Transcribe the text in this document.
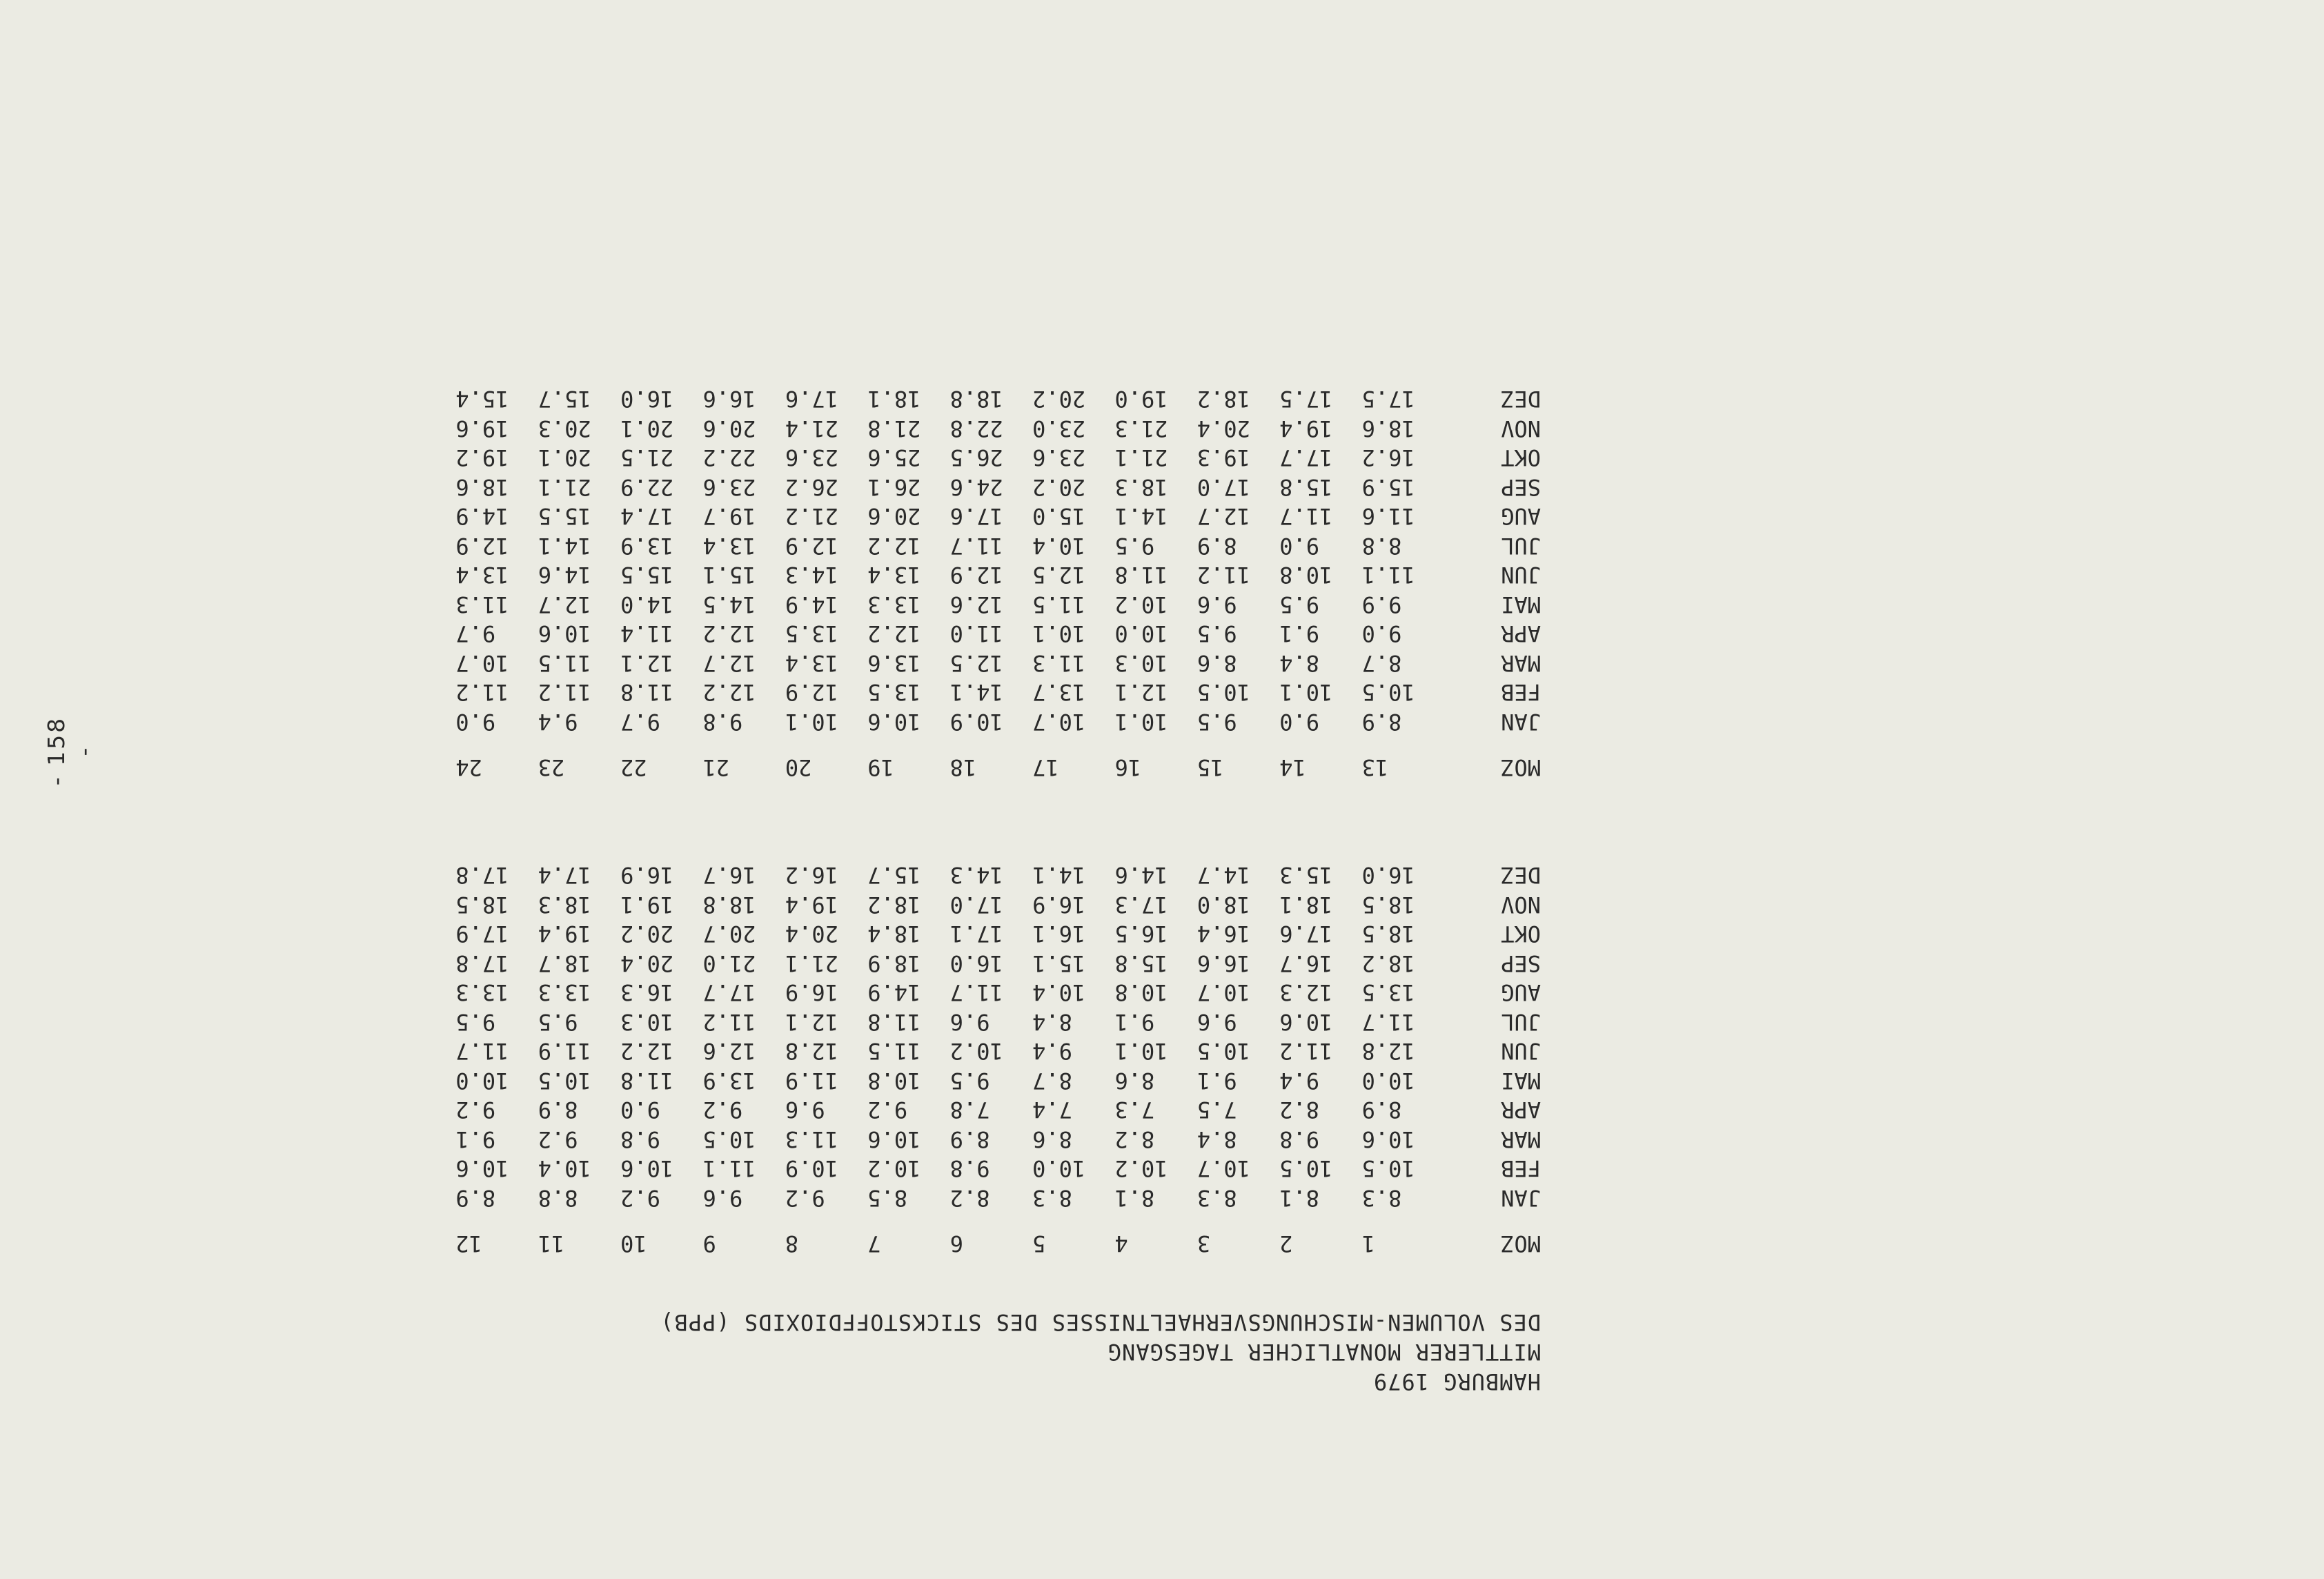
- 158 -
HAMBURG 1979
MITTLERER MONATLICHER TAGESGANG
DES VOLUMEN-MISCHUNGSVERHAELTNISSES DES STICKSTOFFDIOXIDS (PPB)
MOZ	1	2	3	4	5	6	7	8	9	10	11	12
JAN	8.3	8.1	8.3	8.1	8.3	8.2	8.5	9.2	9.6	9.2	8.8	8.9
FEB	10.5	10.5	10.7	10.2	10.0	9.8	10.2	10.9	11.1	10.6	10.4	10.6
MAR	10.6	9.8	8.4	8.2	8.6	8.9	10.6	11.3	10.5	9.8	9.2	9.1
APR	8.9	8.2	7.5	7.3	7.4	7.8	9.2	9.6	9.2	9.0	8.9	9.2
MAI	10.0	9.4	9.1	8.6	8.7	9.5	10.8	11.9	13.9	11.8	10.5	10.0
JUN	12.8	11.2	10.5	10.1	9.4	10.2	11.5	12.8	12.6	12.2	11.9	11.7
JUL	11.7	10.6	9.6	9.1	8.4	9.6	11.8	12.1	11.2	10.3	9.5	9.5
AUG	13.5	12.3	10.7	10.8	10.4	11.7	14.9	16.9	17.7	16.3	13.3	13.3
SEP	18.2	16.7	16.6	15.8	15.1	16.0	18.9	21.1	21.0	20.4	18.7	17.8
OKT	18.5	17.6	16.4	16.5	16.1	17.1	18.4	20.4	20.7	20.2	19.4	17.9
NOV	18.5	18.1	18.0	17.3	16.9	17.0	18.2	19.4	18.8	19.1	18.3	18.5
DEZ	16.0	15.3	14.7	14.6	14.1	14.3	15.7	16.2	16.7	16.9	17.4	17.8
MOZ	13	14	15	16	17	18	19	20	21	22	23	24
JAN	8.9	9.0	9.5	10.1	10.7	10.9	10.6	10.1	9.8	9.7	9.4	9.0
FEB	10.5	10.1	10.5	12.1	13.7	14.1	13.5	12.9	12.2	11.8	11.2	11.2
MAR	8.7	8.4	8.6	10.3	11.3	12.5	13.6	13.4	12.7	12.1	11.5	10.7
APR	9.0	9.1	9.5	10.0	10.1	11.0	12.2	13.5	12.2	11.4	10.6	9.7
MAI	9.9	9.5	9.6	10.2	11.5	12.6	13.3	14.9	14.5	14.0	12.7	11.3
JUN	11.1	10.8	11.2	11.8	12.5	12.9	13.4	14.3	15.1	15.5	14.6	13.4
JUL	8.8	9.0	8.9	9.5	10.4	11.7	12.2	12.9	13.4	13.9	14.1	12.9
AUG	11.6	11.7	12.7	14.1	15.0	17.6	20.6	21.2	19.7	17.4	15.5	14.9
SEP	15.9	15.8	17.0	18.3	20.2	24.6	26.1	26.2	23.6	22.9	21.1	18.6
OKT	16.2	17.7	19.3	21.1	23.6	26.5	25.6	23.6	22.2	21.5	20.1	19.2
NOV	18.6	19.4	20.4	21.3	23.0	22.8	21.8	21.4	20.6	20.1	20.3	19.6
DEZ	17.5	17.5	18.2	19.0	20.2	18.8	18.1	17.6	16.6	16.0	15.7	15.4
